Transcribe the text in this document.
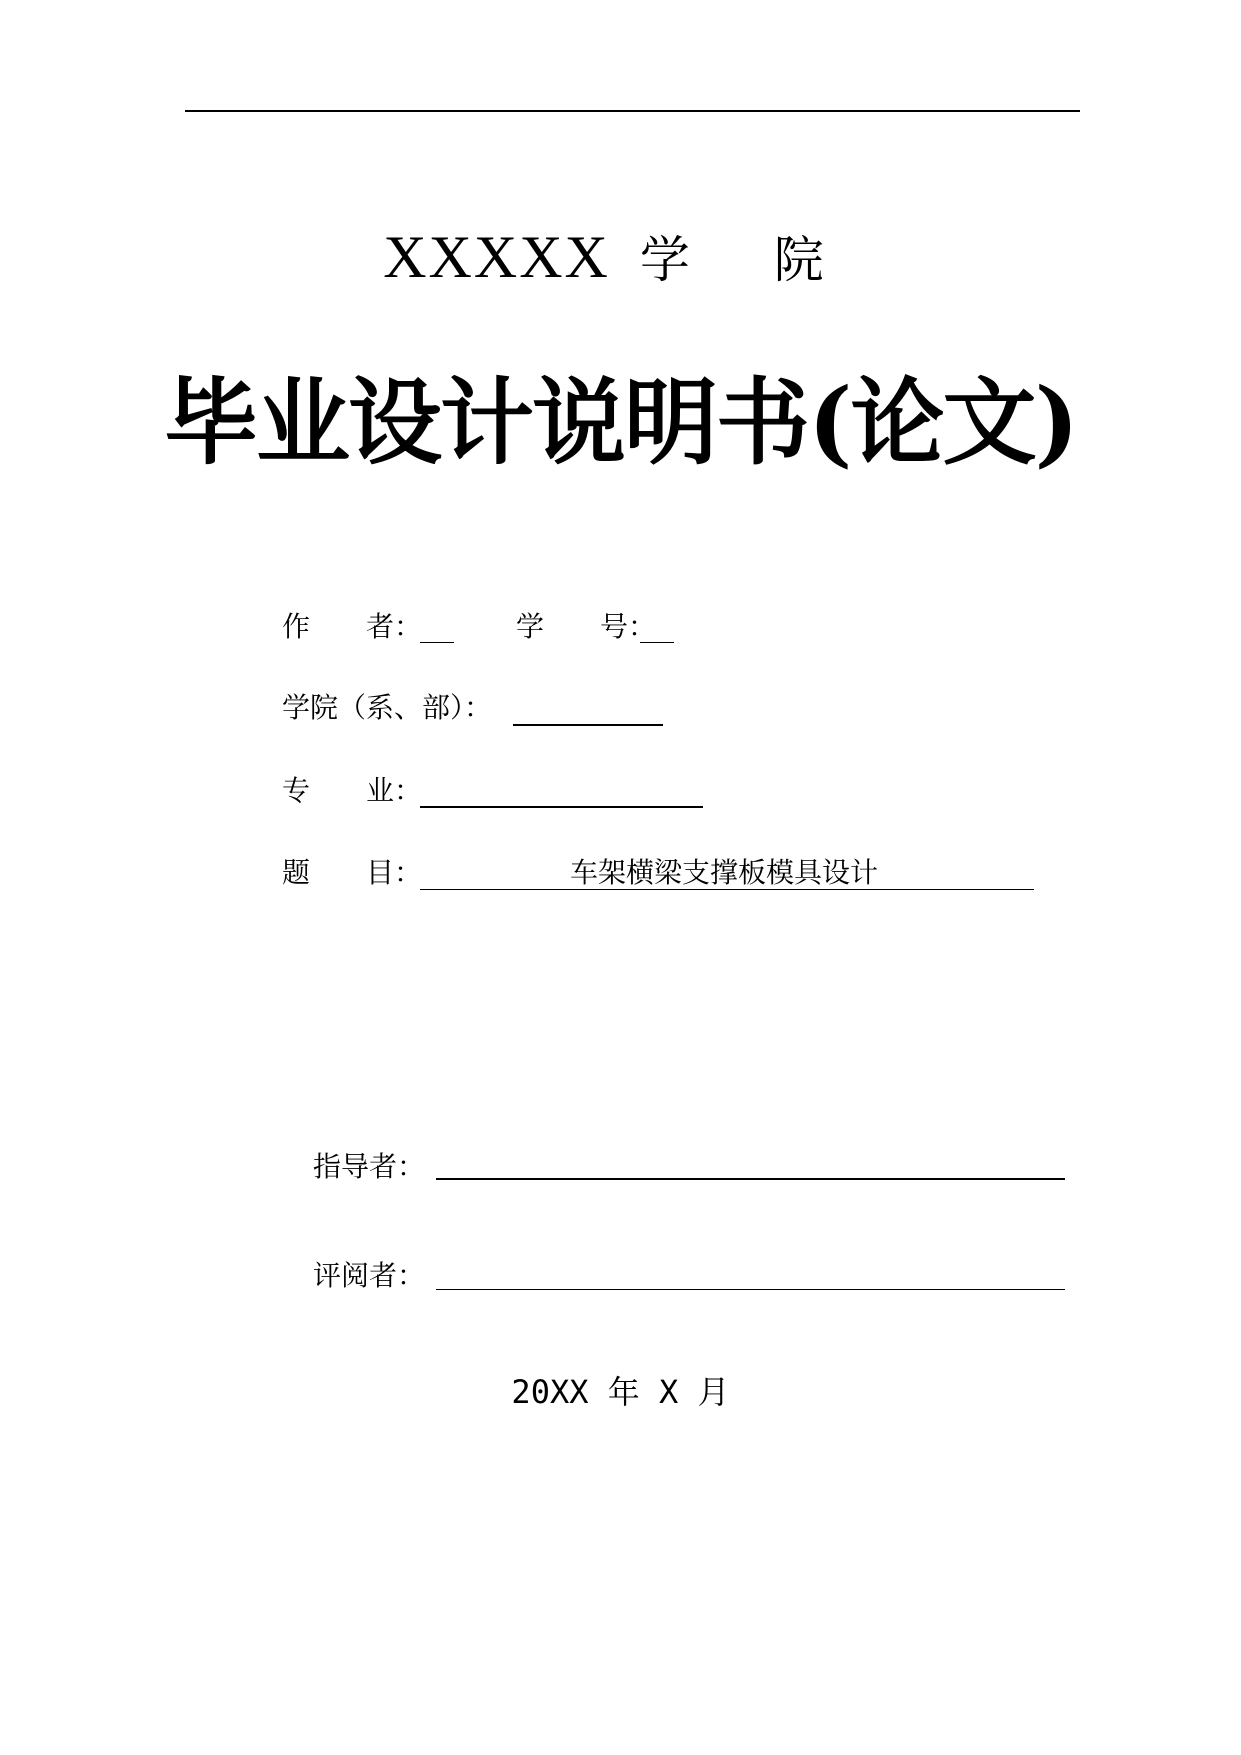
XXXXX 学 院
毕业设计说明书(论文)
作　　者：	学　　号：
学院（系、部）：
专　　业：
题　　目：	车架横梁支撑板模具设计
指导者：
评阅者：
20XX 年 X 月
